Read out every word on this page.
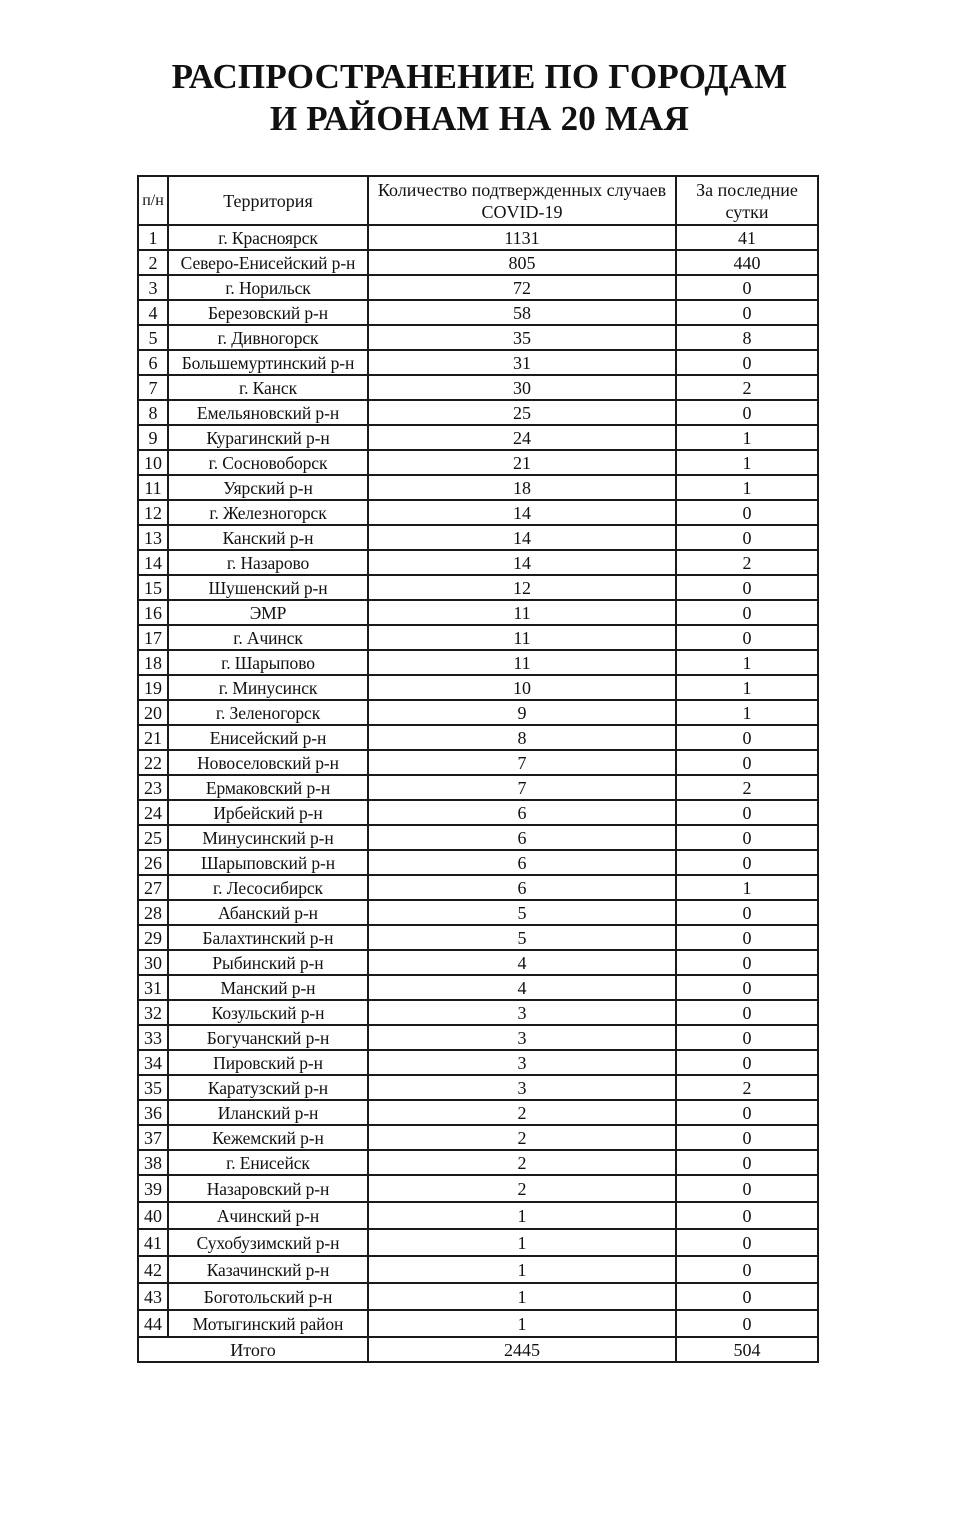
РАСПРОСТРАНЕНИЕ ПО ГОРОДАМ
И РАЙОНАМ НА 20 МАЯ
п/н	Территория	Количество подтвержденных случаев COVID-19	За последние сутки
1	г. Красноярск	1131	41
2	Северо-Енисейский р-н	805	440
3	г. Норильск	72	0
4	Березовский р-н	58	0
5	г. Дивногорск	35	8
6	Большемуртинский р-н	31	0
7	г. Канск	30	2
8	Емельяновский р-н	25	0
9	Курагинский р-н	24	1
10	г. Сосновоборск	21	1
11	Уярский р-н	18	1
12	г. Железногорск	14	0
13	Канский р-н	14	0
14	г. Назарово	14	2
15	Шушенский р-н	12	0
16	ЭМР	11	0
17	г. Ачинск	11	0
18	г. Шарыпово	11	1
19	г. Минусинск	10	1
20	г. Зеленогорск	9	1
21	Енисейский р-н	8	0
22	Новоселовский р-н	7	0
23	Ермаковский р-н	7	2
24	Ирбейский р-н	6	0
25	Минусинский р-н	6	0
26	Шарыповский р-н	6	0
27	г. Лесосибирск	6	1
28	Абанский р-н	5	0
29	Балахтинский р-н	5	0
30	Рыбинский р-н	4	0
31	Манский р-н	4	0
32	Козульский р-н	3	0
33	Богучанский р-н	3	0
34	Пировский р-н	3	0
35	Каратузский р-н	3	2
36	Иланский р-н	2	0
37	Кежемский р-н	2	0
38	г. Енисейск	2	0
39	Назаровский р-н	2	0
40	Ачинский р-н	1	0
41	Сухобузимский р-н	1	0
42	Казачинский р-н	1	0
43	Боготольский р-н	1	0
44	Мотыгинский район	1	0
Итого		2445	504
